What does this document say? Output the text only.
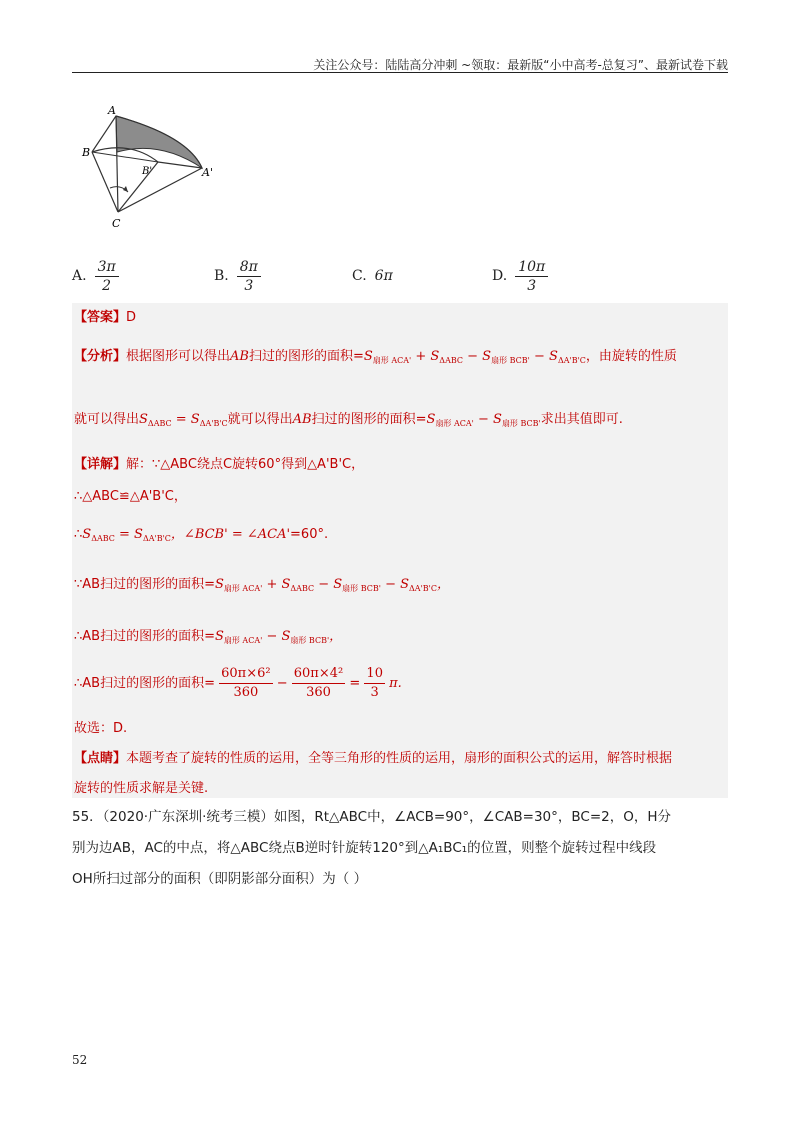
关注公众号：陆陆高分冲刺 ~领取：最新版“小中高考-总复习”、最新试卷下载
A
B
B'	A'
C
A. $\frac{3\pi}{2}$	B. $\frac{8\pi}{3}$	C. 6π	D. $\frac{10\pi}{3}$
【答案】D
【分析】根据图形可以得出AB扫过的图形的面积$=S_{扇形 ACA'} + S_{\Delta ABC} - S_{扇形 BCB'} - S_{\Delta A'B'C}$，由旋转的性质
就可以得出$S_{\Delta ABC} = S_{\Delta A'B'C}$就可以得出AB扫过的图形的面积$=S_{扇形 ACA'} - S_{扇形 BCB'}$求出其值即可.
【详解】解：∵△ABC绕点C旋转60°得到△A'B'C，
∴△ABC≌△A'B'C，
$\therefore S_{\Delta ABC} = S_{\Delta A'B'C}$，∠BCB' = ∠ACA'=60°.
∵AB扫过的图形的面积$=S_{扇形 ACA'} + S_{\Delta ABC} - S_{扇形 BCB'} - S_{\Delta A'B'C}$，
∴AB扫过的图形的面积$=S_{扇形 ACA'} - S_{扇形 BCB'}$，
∴AB扫过的图形的面积= $\frac{\text{60π×6²}}{360} - \frac{\text{60π×4²}}{360} = \frac{10}{3} \pi$.
故选：D.
【点睛】本题考查了旋转的性质的运用，全等三角形的性质的运用，扇形的面积公式的运用，解答时根据
旋转的性质求解是关键.
55．（2020·广东深圳·统考三模）如图，Rt△ABC中，∠ACB=90°，∠CAB=30°，BC=2，O，H分
别为边AB，AC的中点，将△ABC绕点B逆时针旋转120°到△A₁BC₁的位置，则整个旋转过程中线段
OH所扫过部分的面积（即阴影部分面积）为（ ）
52
